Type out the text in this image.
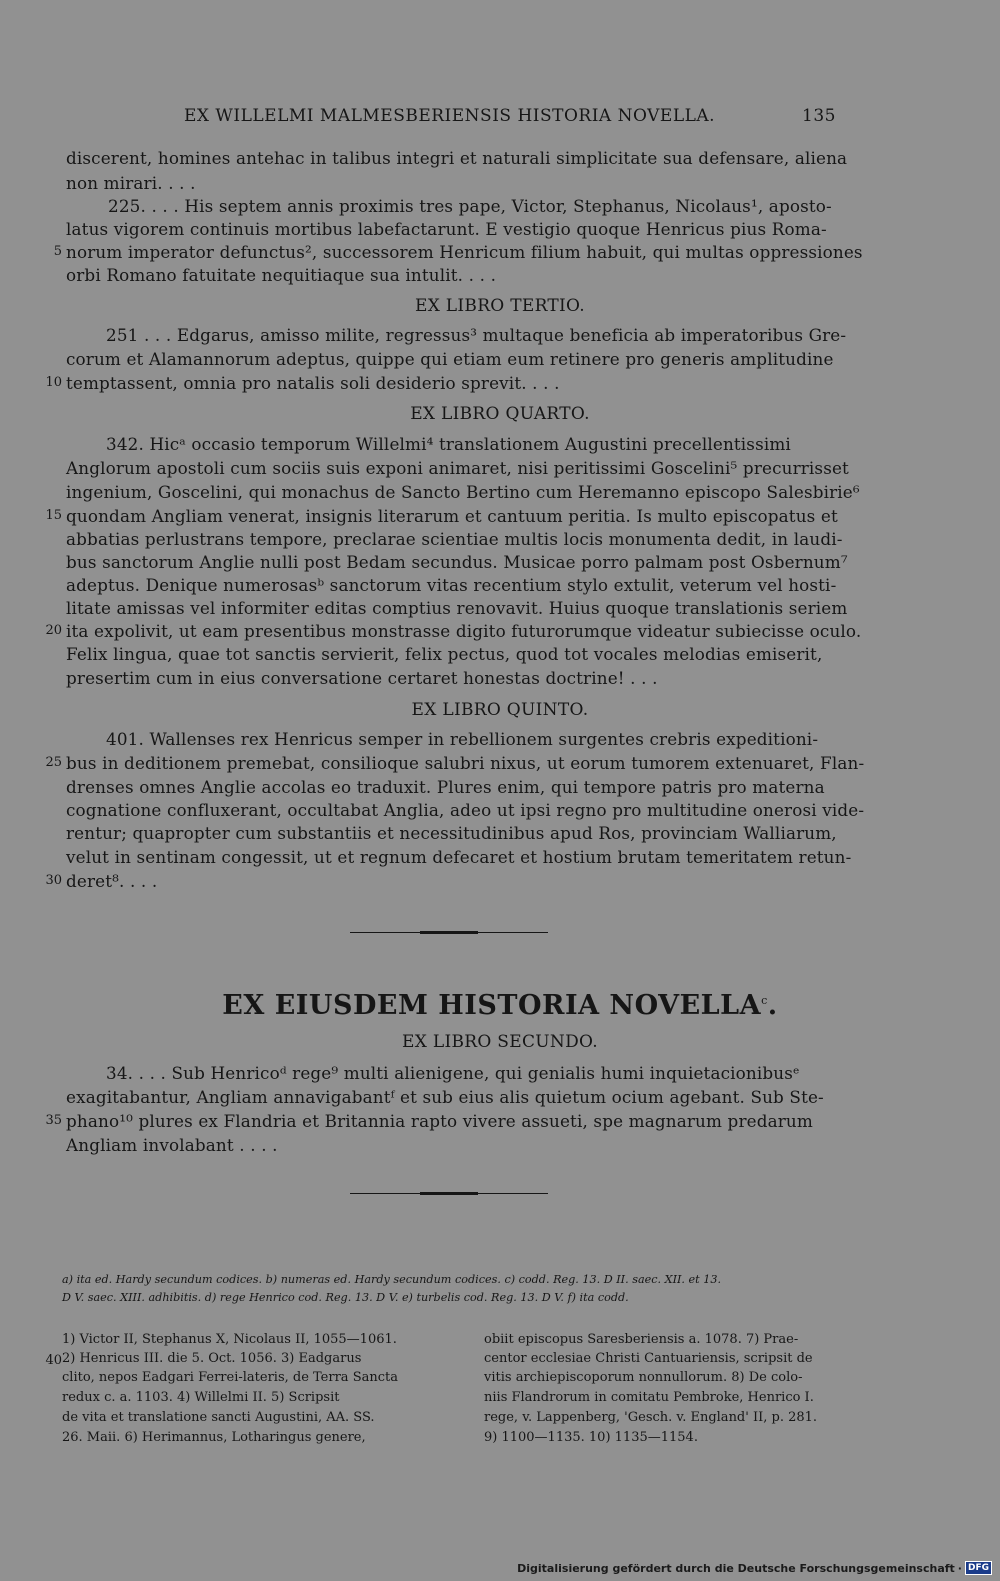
EX WILLELMI MALMESBERIENSIS HISTORIA NOVELLA.	135
discerent, homines antehac in talibus integri et naturali simplicitate sua defensare, aliena
non mirari. . . .
225. . . . His septem annis proximis tres pape, Victor, Stephanus, Nicolaus¹, aposto-
latus vigorem continuis mortibus labefactarunt. E vestigio quoque Henricus pius Roma-
5 norum imperator defunctus², successorem Henricum filium habuit, qui multas oppressiones
orbi Romano fatuitate nequitiaque sua intulit. . . .
EX LIBRO TERTIO.
251 . . . Edgarus, amisso milite, regressus³ multaque beneficia ab imperatoribus Gre-
corum et Alamannorum adeptus, quippe qui etiam eum retinere pro generis amplitudine
10 temptassent, omnia pro natalis soli desiderio sprevit. . . .
EX LIBRO QUARTO.
342. Hicᵃ occasio temporum Willelmi⁴ translationem Augustini precellentissimi
Anglorum apostoli cum sociis suis exponi animaret, nisi peritissimi Goscelini⁵ precurrisset
ingenium, Goscelini, qui monachus de Sancto Bertino cum Heremanno episcopo Salesbirie⁶
15 quondam Angliam venerat, insignis literarum et cantuum peritia. Is multo episcopatus et
abbatias perlustrans tempore, preclarae scientiae multis locis monumenta dedit, in laudi-
bus sanctorum Anglie nulli post Bedam secundus. Musicae porro palmam post Osbernum⁷
adeptus. Denique numerosasᵇ sanctorum vitas recentium stylo extulit, veterum vel hosti-
litate amissas vel informiter editas comptius renovavit. Huius quoque translationis seriem
20 ita expolivit, ut eam presentibus monstrasse digito futurorumque videatur subiecisse oculo.
Felix lingua, quae tot sanctis servierit, felix pectus, quod tot vocales melodias emiserit,
presertim cum in eius conversatione certaret honestas doctrine! . . .
EX LIBRO QUINTO.
401. Wallenses rex Henricus semper in rebellionem surgentes crebris expeditioni-
25 bus in deditionem premebat, consilioque salubri nixus, ut eorum tumorem extenuaret, Flan-
drenses omnes Anglie accolas eo traduxit. Plures enim, qui tempore patris pro materna
cognatione confluxerant, occultabat Anglia, adeo ut ipsi regno pro multitudine onerosi vide-
rentur; quapropter cum substantiis et necessitudinibus apud Ros, provinciam Walliarum,
velut in sentinam congessit, ut et regnum defecaret et hostium brutam temeritatem retun-
30 deret⁸. . . .
EX EIUSDEM HISTORIA NOVELLA$^c$.
EX LIBRO SECUNDO.
34. . . . Sub Henricoᵈ rege⁹ multi alienigene, qui genialis humi inquietacionibusᵉ
exagitabantur, Angliam annavigabantᶠ et sub eius alis quietum ocium agebant. Sub Ste-
35 phano¹⁰ plures ex Flandria et Britannia rapto vivere assueti, spe magnarum predarum
Angliam involabant . . . .
a) ita ed. Hardy secundum codices. b) numeras ed. Hardy secundum codices. c) codd. Reg. 13. D II. saec. XII. et 13.
D V. saec. XIII. adhibitis. d) rege Henrico cod. Reg. 13. D V. e) turbelis cod. Reg. 13. D V. f) ita codd.
1) Victor II, Stephanus X, Nicolaus II, 1055—1061.
40 2) Henricus III. die 5. Oct. 1056. 3) Eadgarus
clito, nepos Eadgari Ferrei-lateris, de Terra Sancta
redux c. a. 1103. 4) Willelmi II. 5) Scripsit
de vita et translatione sancti Augustini, AA. SS.
26. Maii. 6) Herimannus, Lotharingus genere,
obiit episcopus Saresberiensis a. 1078. 7) Prae-
centor ecclesiae Christi Cantuariensis, scripsit de
vitis archiepiscoporum nonnullorum. 8) De colo-
niis Flandrorum in comitatu Pembroke, Henrico I.
rege, v. Lappenberg, 'Gesch. v. England' II, p. 281.
9) 1100—1135. 10) 1135—1154.
Digitalisierung gefördert durch die Deutsche Forschungsgemeinschaft · DFG
